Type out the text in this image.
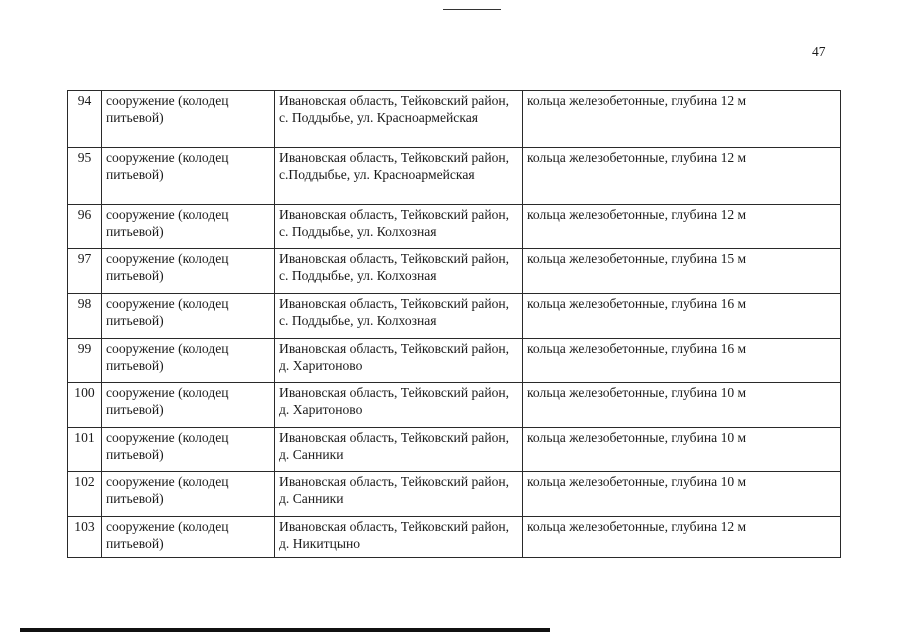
47
94	сооружение (колодец питьевой)	Ивановская область, Тейковский район, с. Поддыбье, ул. Красноармейская	кольца железобетонные, глубина 12 м
95	сооружение (колодец питьевой)	Ивановская область, Тейковский район, с.Поддыбье, ул. Красноармейская	кольца железобетонные, глубина 12 м
96	сооружение (колодец питьевой)	Ивановская область, Тейковский район, с. Поддыбье, ул. Колхозная	кольца железобетонные, глубина 12 м
97	сооружение (колодец питьевой)	Ивановская область, Тейковский район, с. Поддыбье, ул. Колхозная	кольца железобетонные, глубина 15 м
98	сооружение (колодец питьевой)	Ивановская область, Тейковский район, с. Поддыбье, ул. Колхозная	кольца железобетонные, глубина 16 м
99	сооружение (колодец питьевой)	Ивановская область, Тейковский район, д. Харитоново	кольца железобетонные, глубина 16 м
100	сооружение (колодец питьевой)	Ивановская область, Тейковский район, д. Харитоново	кольца железобетонные, глубина 10 м
101	сооружение (колодец питьевой)	Ивановская область, Тейковский район, д. Санники	кольца железобетонные, глубина 10 м
102	сооружение (колодец питьевой)	Ивановская область, Тейковский район, д. Санники	кольца железобетонные, глубина 10 м
103	сооружение (колодец питьевой)	Ивановская область, Тейковский район, д. Никитцыно	кольца железобетонные, глубина 12 м
